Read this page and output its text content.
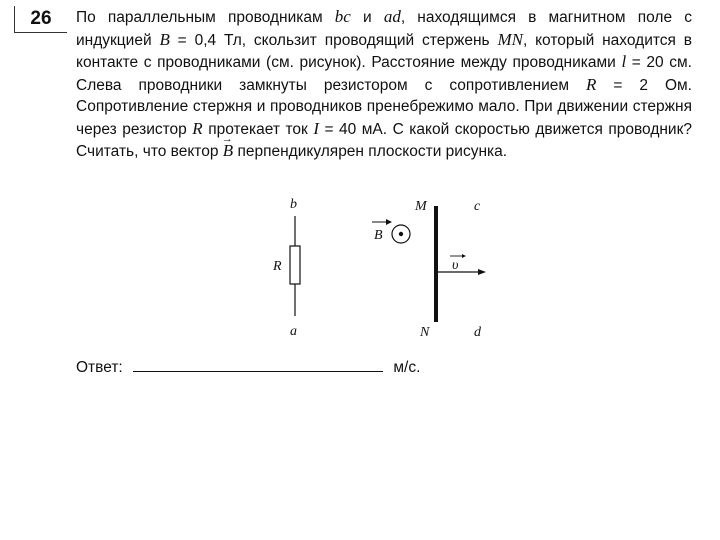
26	По параллельным проводникам bc и ad, находящимся в магнитном поле с индукцией B = 0,4 Тл, скользит проводящий стержень MN, который находится в контакте с проводниками (см. рисунок). Расстояние между проводниками l = 20 см. Слева проводники замкнуты резистором с сопротивлением R = 2 Ом. Сопротивление стержня и проводников пренебрежимо мало. При движении стержня через резистор R протекает ток I = 40 мА. С какой скоростью движется проводник? Считать, что вектор → B перпендикулярен плоскости рисунка.

b
R
a
B
M
N
υ
c
d
Ответ:	м/с.
